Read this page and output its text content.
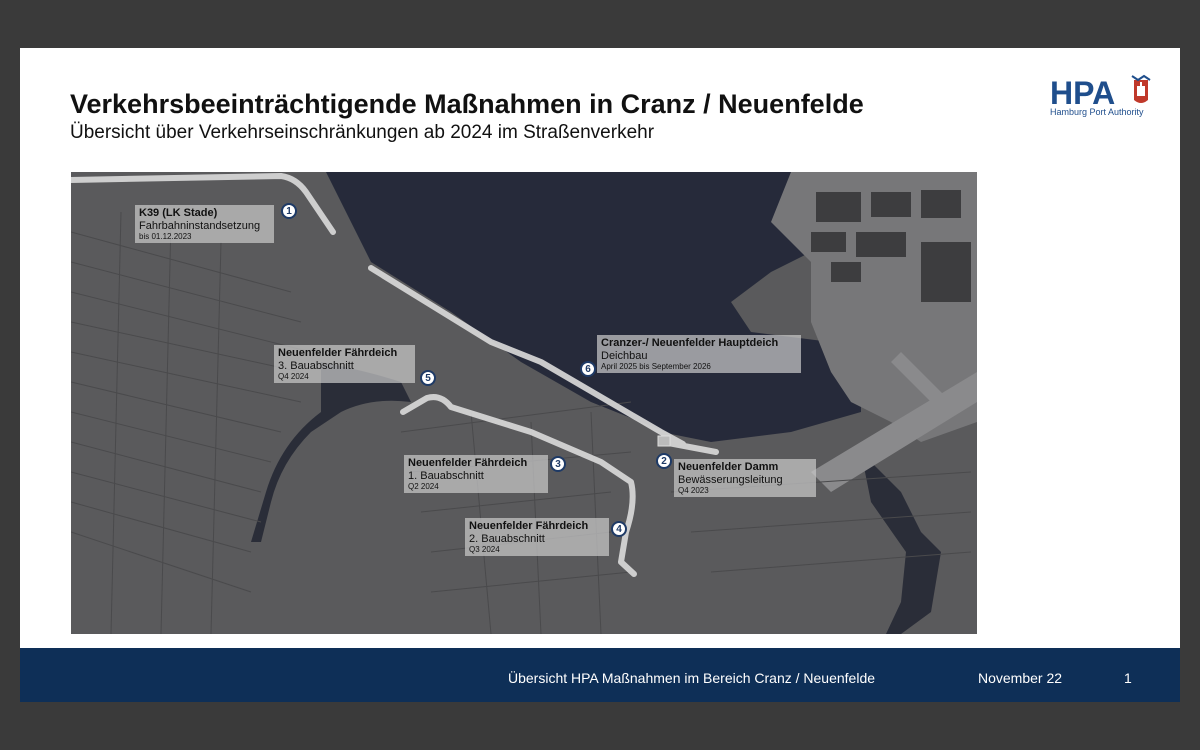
Verkehrsbeeinträchtigende Maßnahmen in Cranz / Neuenfelde
Übersicht über Verkehrseinschränkungen ab 2024 im Straßenverkehr
HPA
Hamburg Port Authority
K39 (LK Stade)
Fahrbahninstandsetzung
bis 01.12.2023
1
Neuenfelder Fährdeich
3. Bauabschnitt
Q4 2024	5
Cranzer-/ Neuenfelder Hauptdeich
Deichbau
April 2025 bis September 2026
6
Neuenfelder Fährdeich
1. Bauabschnitt
Q2 2024
3	Neuenfelder Damm
Bewässerungsleitung
Q4 2023
2
Neuenfelder Fährdeich
2. Bauabschnitt
Q3 2024
4
Übersicht HPA Maßnahmen im Bereich Cranz / Neuenfelde	November 22	1
